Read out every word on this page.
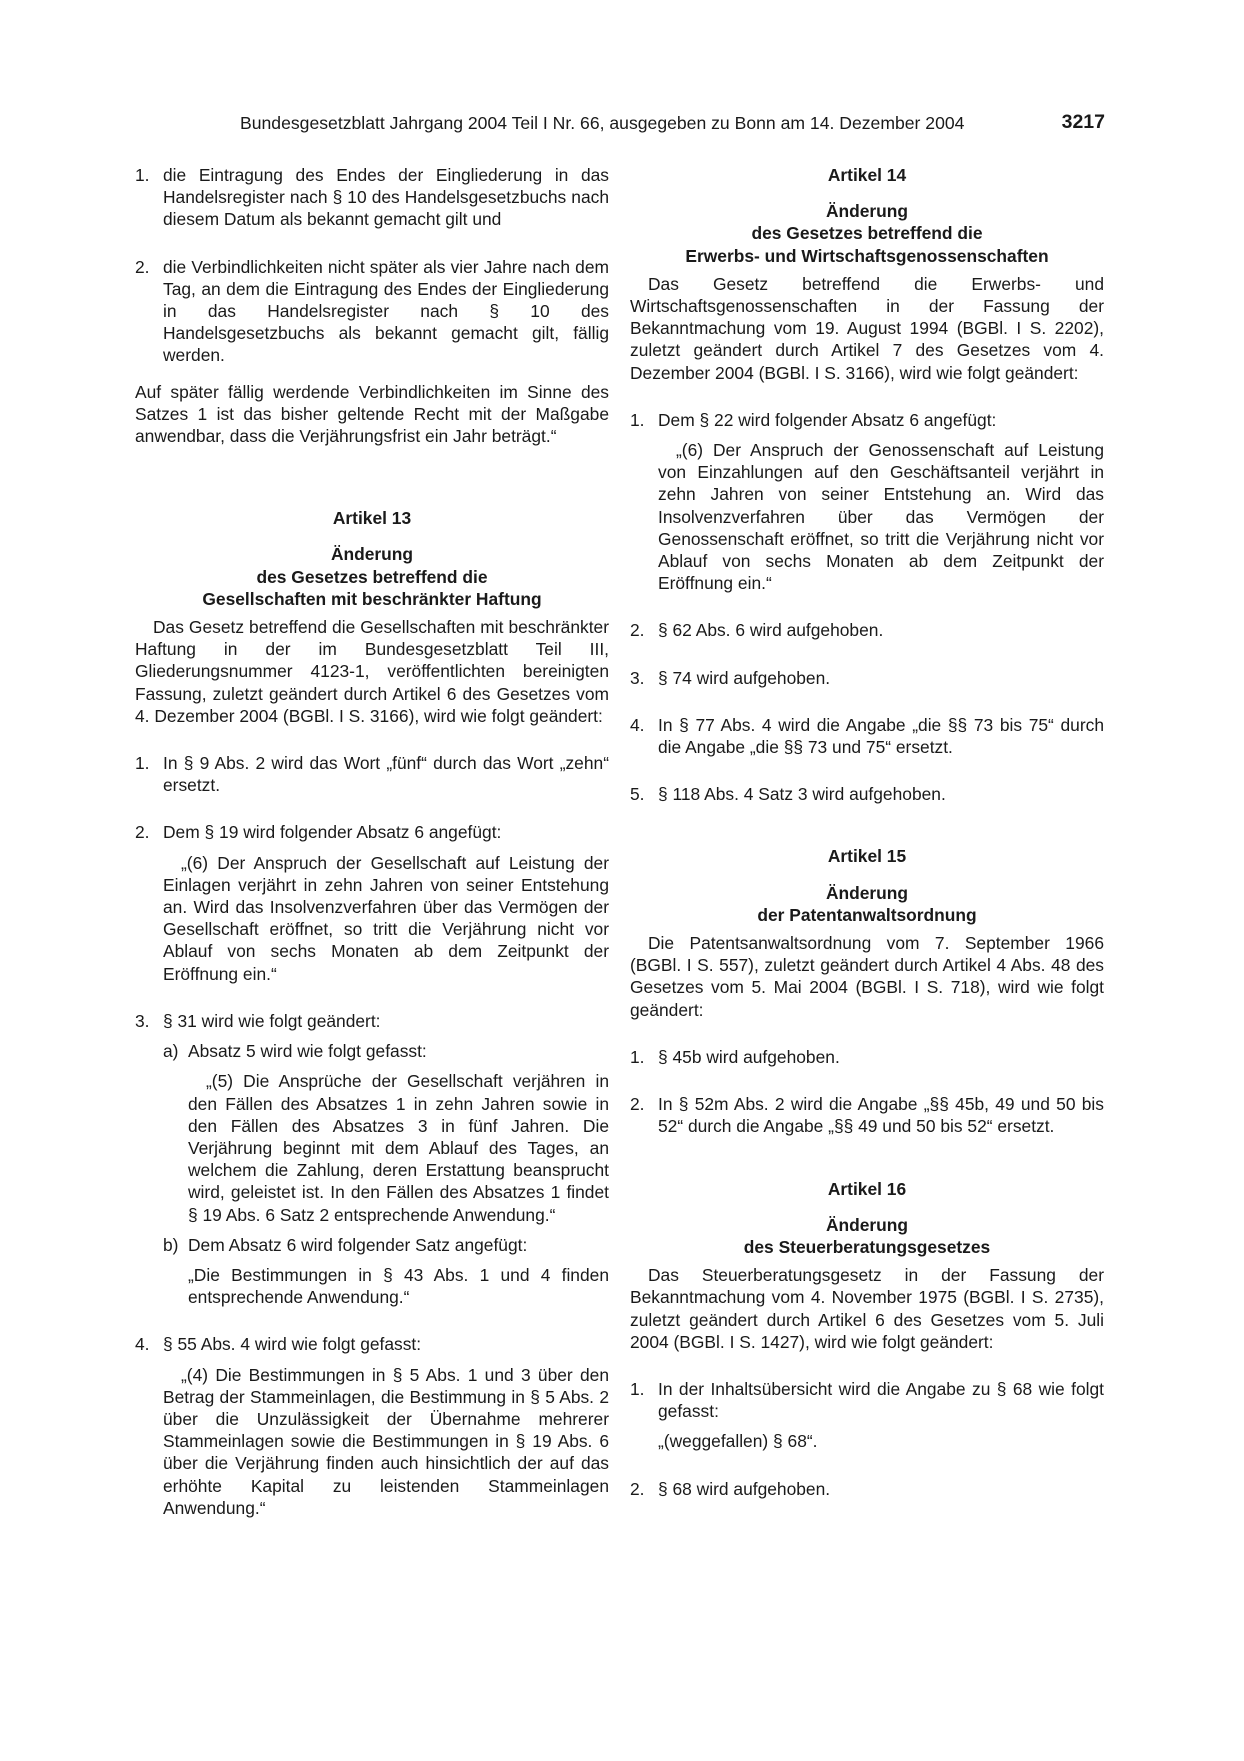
Bundesgesetzblatt Jahrgang 2004 Teil I Nr. 66, ausgegeben zu Bonn am 14. Dezember 2004	3217
1. die Eintragung des Endes der Eingliederung in das Handelsregister nach § 10 des Handelsgesetzbuchs nach diesem Datum als bekannt gemacht gilt und

2. die Verbindlichkeiten nicht später als vier Jahre nach dem Tag, an dem die Eintragung des Endes der Eingliederung in das Handelsregister nach § 10 des Handelsgesetzbuchs als bekannt gemacht gilt, fällig werden.

Auf später fällig werdende Verbindlichkeiten im Sinne des Satzes 1 ist das bisher geltende Recht mit der Maßgabe anwendbar, dass die Verjährungsfrist ein Jahr beträgt.“

Artikel 13

Änderung
des Gesetzes betreffend die
Gesellschaften mit beschränkter Haftung

Das Gesetz betreffend die Gesellschaften mit beschränkter Haftung in der im Bundesgesetzblatt Teil III, Gliederungsnummer 4123-1, veröffentlichten bereinigten Fassung, zuletzt geändert durch Artikel 6 des Gesetzes vom 4. Dezember 2004 (BGBl. I S. 3166), wird wie folgt geändert:

1. In § 9 Abs. 2 wird das Wort „fünf“ durch das Wort „zehn“ ersetzt.

2. Dem § 19 wird folgender Absatz 6 angefügt:

„(6) Der Anspruch der Gesellschaft auf Leistung der Einlagen verjährt in zehn Jahren von seiner Entstehung an. Wird das Insolvenzverfahren über das Vermögen der Gesellschaft eröffnet, so tritt die Verjährung nicht vor Ablauf von sechs Monaten ab dem Zeitpunkt der Eröffnung ein.“

3. § 31 wird wie folgt geändert:

a) Absatz 5 wird wie folgt gefasst:

„(5) Die Ansprüche der Gesellschaft verjähren in den Fällen des Absatzes 1 in zehn Jahren sowie in den Fällen des Absatzes 3 in fünf Jahren. Die Verjährung beginnt mit dem Ablauf des Tages, an welchem die Zahlung, deren Erstattung beansprucht wird, geleistet ist. In den Fällen des Absatzes 1 findet § 19 Abs. 6 Satz 2 entsprechende Anwendung.“

b) Dem Absatz 6 wird folgender Satz angefügt:

„Die Bestimmungen in § 43 Abs. 1 und 4 finden entsprechende Anwendung.“

4. § 55 Abs. 4 wird wie folgt gefasst:

„(4) Die Bestimmungen in § 5 Abs. 1 und 3 über den Betrag der Stammeinlagen, die Bestimmung in § 5 Abs. 2 über die Unzulässigkeit der Übernahme mehrerer Stammeinlagen sowie die Bestimmungen in § 19 Abs. 6 über die Verjährung finden auch hinsichtlich der auf das erhöhte Kapital zu leistenden Stammeinlagen Anwendung.“

Artikel 14

Änderung
des Gesetzes betreffend die
Erwerbs- und Wirtschaftsgenossenschaften

Das Gesetz betreffend die Erwerbs- und Wirtschaftsgenossenschaften in der Fassung der Bekanntmachung vom 19. August 1994 (BGBl. I S. 2202), zuletzt geändert durch Artikel 7 des Gesetzes vom 4. Dezember 2004 (BGBl. I S. 3166), wird wie folgt geändert:

1. Dem § 22 wird folgender Absatz 6 angefügt:

„(6) Der Anspruch der Genossenschaft auf Leistung von Einzahlungen auf den Geschäftsanteil verjährt in zehn Jahren von seiner Entstehung an. Wird das Insolvenzverfahren über das Vermögen der Genossenschaft eröffnet, so tritt die Verjährung nicht vor Ablauf von sechs Monaten ab dem Zeitpunkt der Eröffnung ein.“

2. § 62 Abs. 6 wird aufgehoben.

3. § 74 wird aufgehoben.

4. In § 77 Abs. 4 wird die Angabe „die §§ 73 bis 75“ durch die Angabe „die §§ 73 und 75“ ersetzt.

5. § 118 Abs. 4 Satz 3 wird aufgehoben.

Artikel 15

Änderung
der Patentanwaltsordnung

Die Patentsanwaltsordnung vom 7. September 1966 (BGBl. I S. 557), zuletzt geändert durch Artikel 4 Abs. 48 des Gesetzes vom 5. Mai 2004 (BGBl. I S. 718), wird wie folgt geändert:

1. § 45b wird aufgehoben.

2. In § 52m Abs. 2 wird die Angabe „§§ 45b, 49 und 50 bis 52“ durch die Angabe „§§ 49 und 50 bis 52“ ersetzt.

Artikel 16

Änderung
des Steuerberatungsgesetzes

Das Steuerberatungsgesetz in der Fassung der Bekanntmachung vom 4. November 1975 (BGBl. I S. 2735), zuletzt geändert durch Artikel 6 des Gesetzes vom 5. Juli 2004 (BGBl. I S. 1427), wird wie folgt geändert:

1. In der Inhaltsübersicht wird die Angabe zu § 68 wie folgt gefasst:

„(weggefallen) § 68“.

2. § 68 wird aufgehoben.
